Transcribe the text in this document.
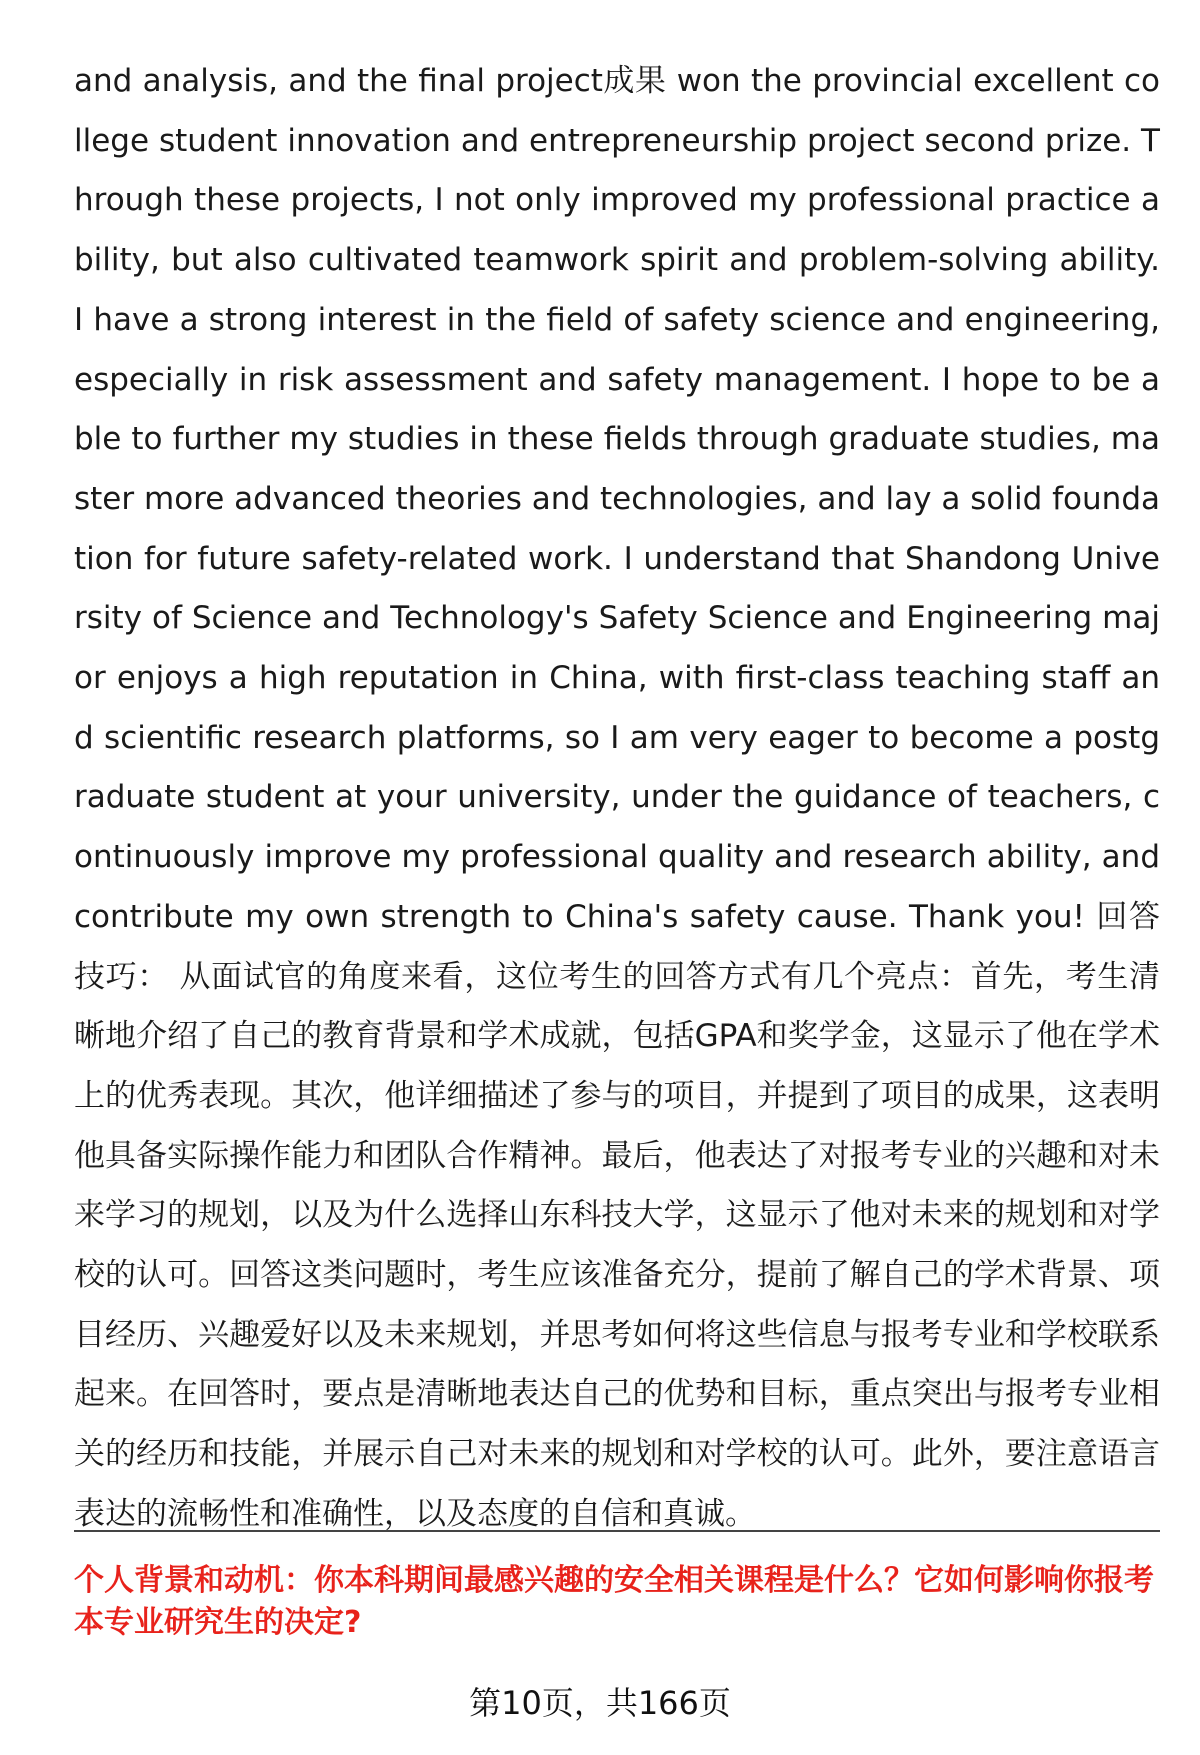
and analysis, and the final project成果 won the provincial excellent college student innovation and entrepreneurship project second prize. Through these projects, I not only improved my professional practice ability, but also cultivated teamwork spirit and problem-solving ability. I have a strong interest in the field of safety science and engineering, especially in risk assessment and safety management. I hope to be able to further my studies in these fields through graduate studies, master more advanced theories and technologies, and lay a solid foundation for future safety-related work. I understand that Shandong University of Science and Technology's Safety Science and Engineering major enjoys a high reputation in China, with first-class teaching staff and scientific research platforms, so I am very eager to become a postgraduate student at your university, under the guidance of teachers, continuously improve my professional quality and research ability, and contribute my own strength to China's safety cause. Thank you! 回答技巧： 从面试官的角度来看，这位考生的回答方式有几个亮点：首先，考生清晰地介绍了自己的教育背景和学术成就，包括GPA和奖学金，这显示了他在学术上的优秀表现。其次，他详细描述了参与的项目，并提到了项目的成果，这表明他具备实际操作能力和团队合作精神。最后，他表达了对报考专业的兴趣和对未来学习的规划，以及为什么选择山东科技大学，这显示了他对未来的规划和对学校的认可。回答这类问题时，考生应该准备充分，提前了解自己的学术背景、项目经历、兴趣爱好以及未来规划，并思考如何将这些信息与报考专业和学校联系起来。在回答时，要点是清晰地表达自己的优势和目标，重点突出与报考专业相关的经历和技能，并展示自己对未来的规划和对学校的认可。此外，要注意语言表达的流畅性和准确性，以及态度的自信和真诚。

个人背景和动机：你本科期间最感兴趣的安全相关课程是什么？它如何影响你报考本专业研究生的决定?

第10页，共166页
